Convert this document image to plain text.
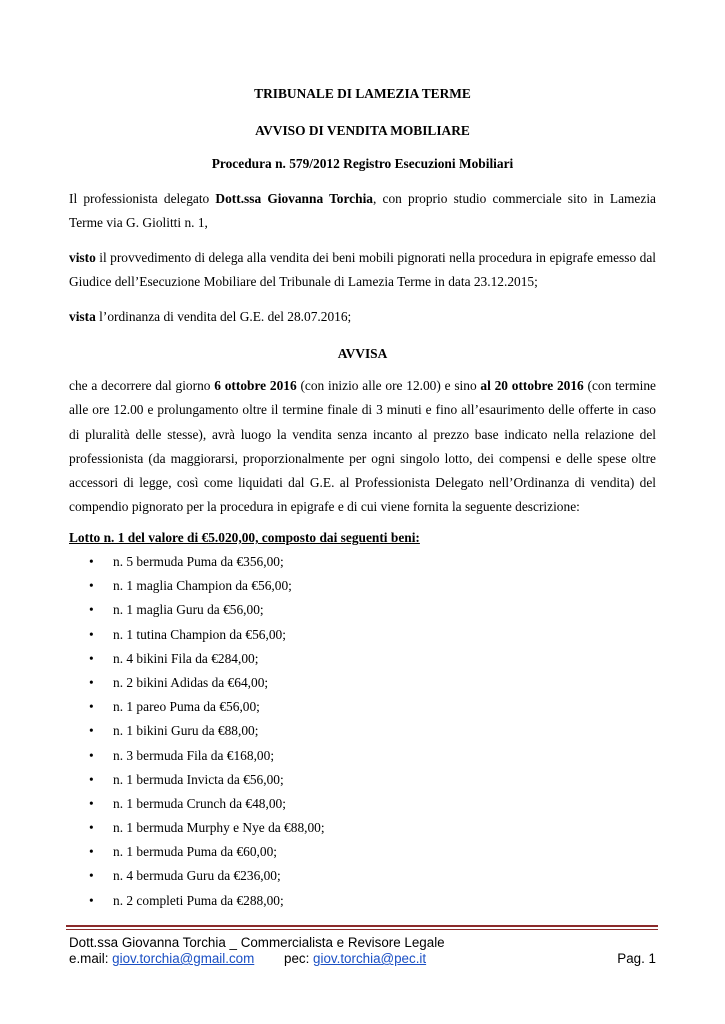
TRIBUNALE DI LAMEZIA TERME
AVVISO DI VENDITA MOBILIARE
Procedura n. 579/2012 Registro Esecuzioni Mobiliari
Il professionista delegato Dott.ssa Giovanna Torchia, con proprio studio commerciale sito in Lamezia Terme via G. Giolitti n. 1,
visto il provvedimento di delega alla vendita dei beni mobili pignorati nella procedura in epigrafe emesso dal Giudice dell’Esecuzione Mobiliare del Tribunale di Lamezia Terme in data 23.12.2015;
vista l’ordinanza di vendita del G.E. del 28.07.2016;
AVVISA
che a decorrere dal giorno 6 ottobre 2016 (con inizio alle ore 12.00) e sino al 20 ottobre 2016 (con termine alle ore 12.00 e prolungamento oltre il termine finale di 3 minuti e fino all’esaurimento delle offerte in caso di pluralità delle stesse), avrà luogo la vendita senza incanto al prezzo base indicato nella relazione del professionista (da maggiorarsi, proporzionalmente per ogni singolo lotto, dei compensi e delle spese oltre accessori di legge, così come liquidati dal G.E. al Professionista Delegato nell’Ordinanza di vendita) del compendio pignorato per la procedura in epigrafe e di cui viene fornita la seguente descrizione:
Lotto n. 1 del valore di €5.020,00, composto dai seguenti beni:
• n. 5 bermuda Puma da €356,00;
• n. 1 maglia Champion da €56,00;
• n. 1 maglia Guru da €56,00;
• n. 1 tutina Champion da €56,00;
• n. 4 bikini Fila da €284,00;
• n. 2 bikini Adidas da €64,00;
• n. 1 pareo Puma da €56,00;
• n. 1 bikini Guru da €88,00;
• n. 3 bermuda Fila da €168,00;
• n. 1 bermuda Invicta da €56,00;
• n. 1 bermuda Crunch da €48,00;
• n. 1 bermuda Murphy e Nye da €88,00;
• n. 1 bermuda Puma da €60,00;
• n. 4 bermuda Guru da €236,00;
• n. 2 completi Puma da €288,00;
Dott.ssa Giovanna Torchia _ Commercialista e Revisore Legale
e.mail: giov.torchia@gmail.com pec: giov.torchia@pec.it	Pag. 1
